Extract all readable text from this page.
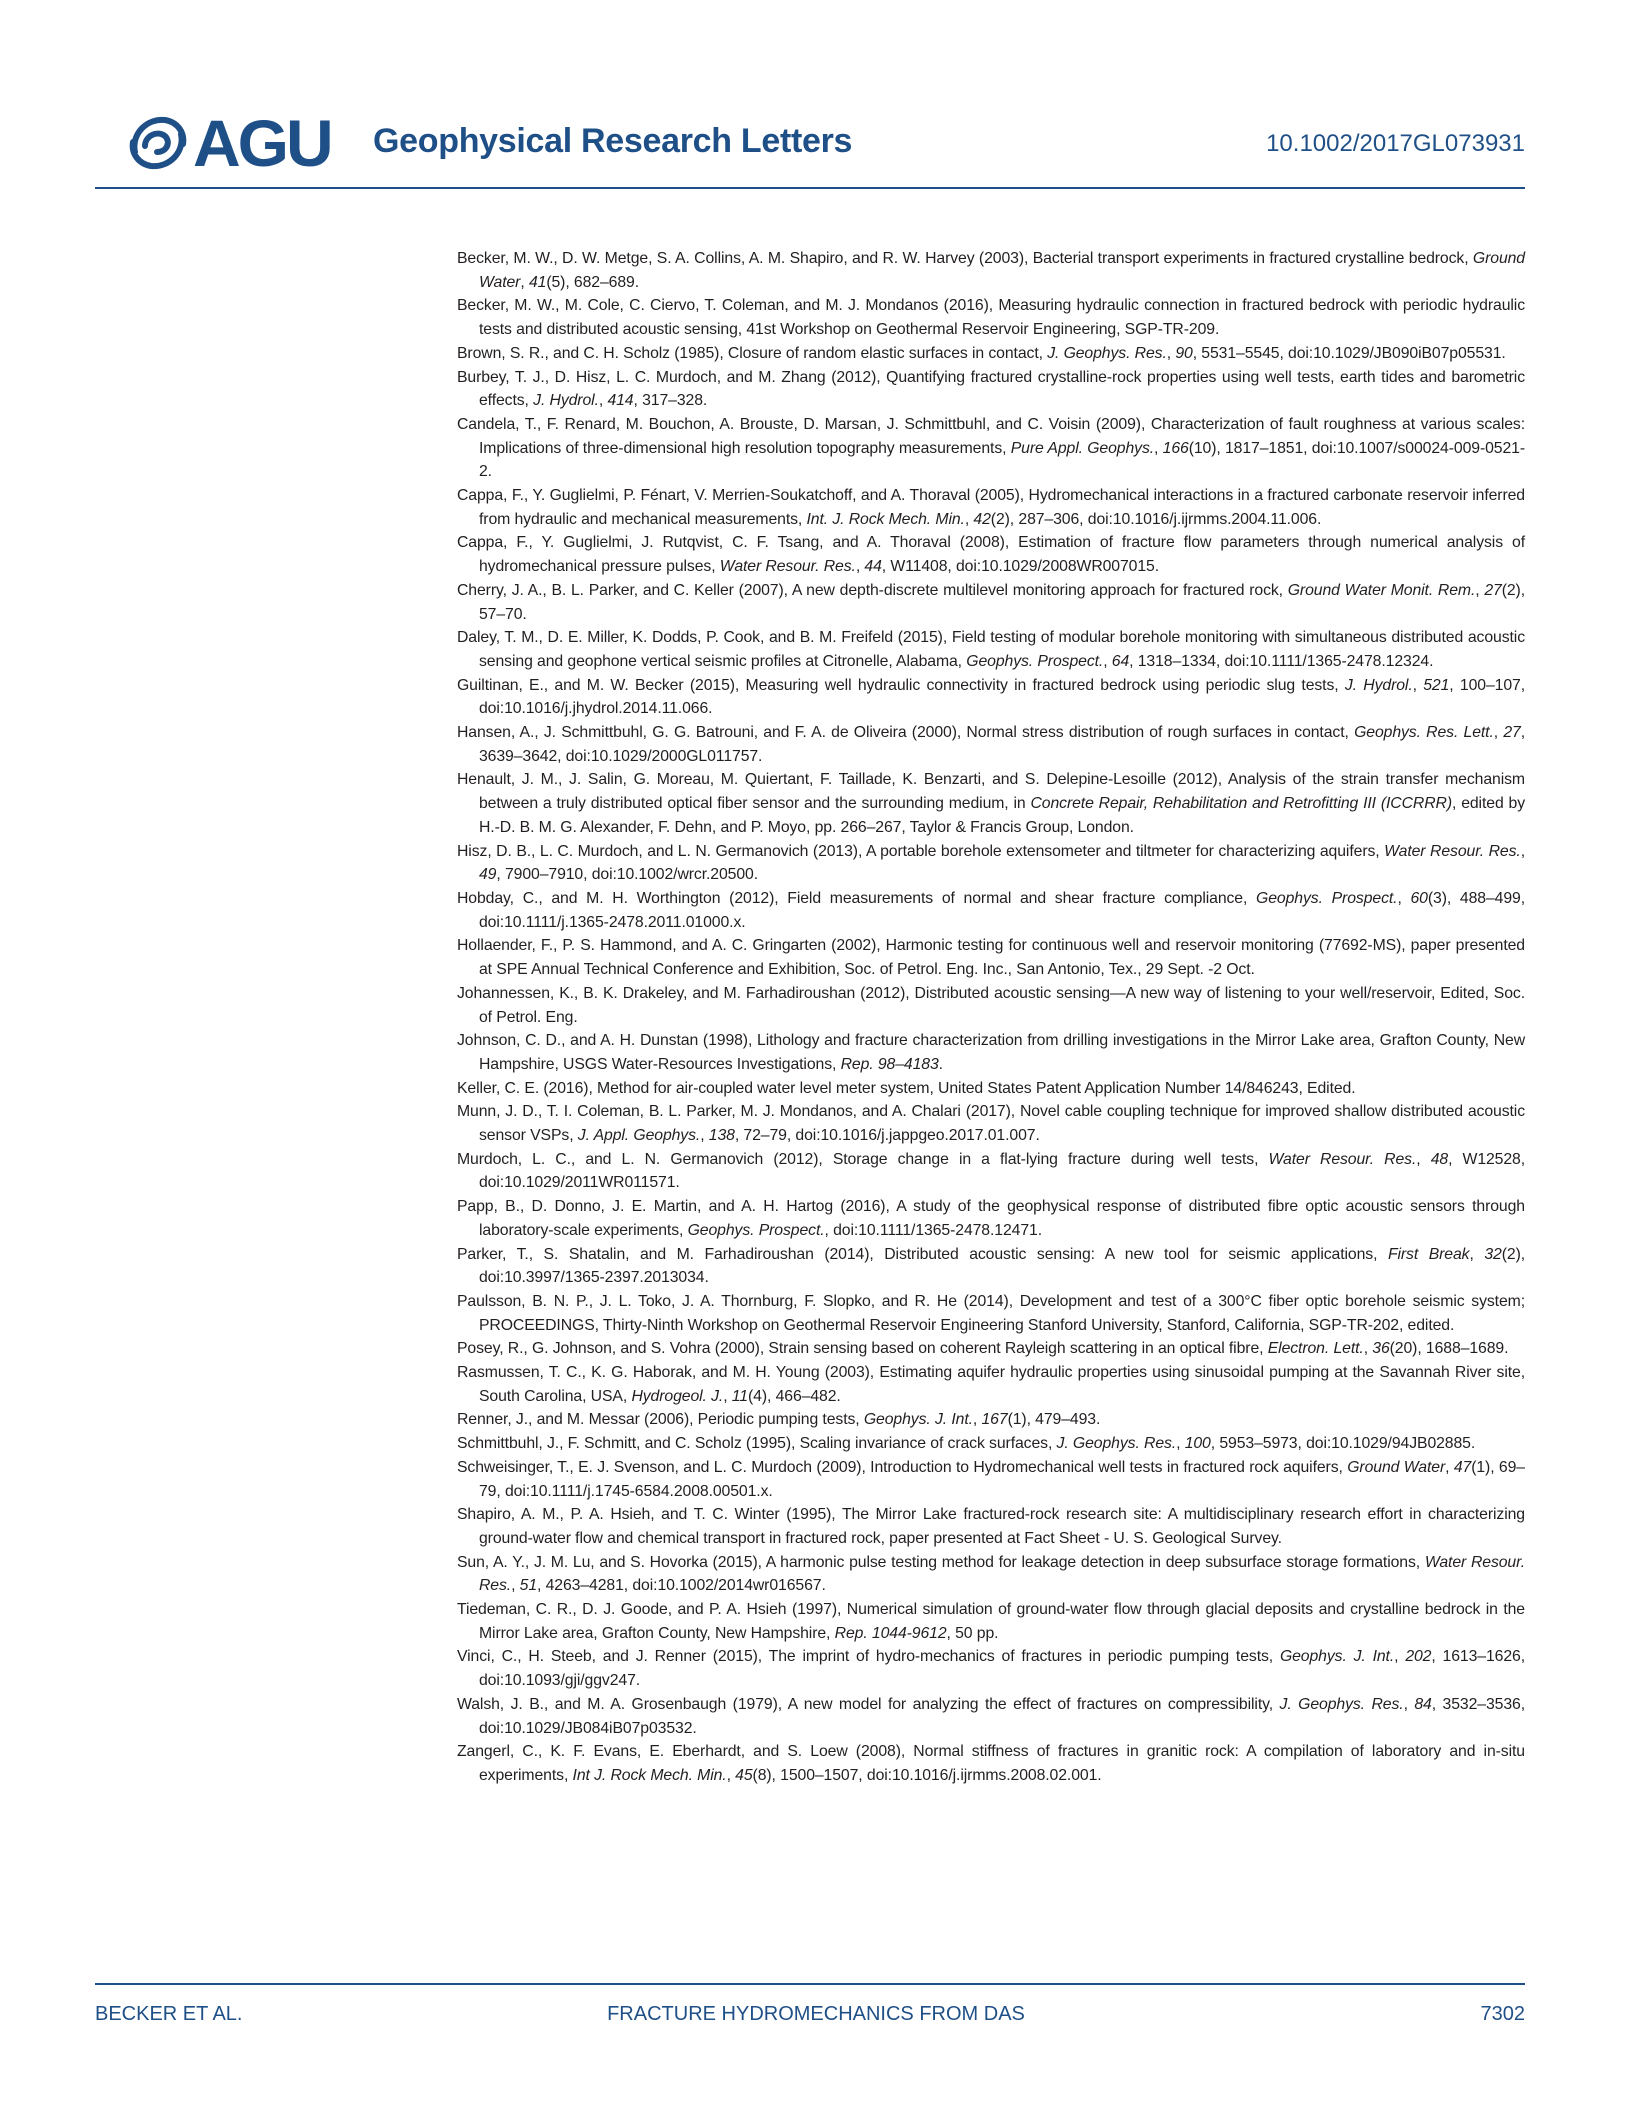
AGU Geophysical Research Letters	10.1002/2017GL073931
Becker, M. W., D. W. Metge, S. A. Collins, A. M. Shapiro, and R. W. Harvey (2003), Bacterial transport experiments in fractured crystalline bedrock, Ground Water, 41(5), 682–689.
Becker, M. W., M. Cole, C. Ciervo, T. Coleman, and M. J. Mondanos (2016), Measuring hydraulic connection in fractured bedrock with periodic hydraulic tests and distributed acoustic sensing, 41st Workshop on Geothermal Reservoir Engineering, SGP-TR-209.
Brown, S. R., and C. H. Scholz (1985), Closure of random elastic surfaces in contact, J. Geophys. Res., 90, 5531–5545, doi:10.1029/JB090iB07p05531.
Burbey, T. J., D. Hisz, L. C. Murdoch, and M. Zhang (2012), Quantifying fractured crystalline-rock properties using well tests, earth tides and barometric effects, J. Hydrol., 414, 317–328.
Candela, T., F. Renard, M. Bouchon, A. Brouste, D. Marsan, J. Schmittbuhl, and C. Voisin (2009), Characterization of fault roughness at various scales: Implications of three-dimensional high resolution topography measurements, Pure Appl. Geophys., 166(10), 1817–1851, doi:10.1007/s00024-009-0521-2.
Cappa, F., Y. Guglielmi, P. Fénart, V. Merrien-Soukatchoff, and A. Thoraval (2005), Hydromechanical interactions in a fractured carbonate reservoir inferred from hydraulic and mechanical measurements, Int. J. Rock Mech. Min., 42(2), 287–306, doi:10.1016/j.ijrmms.2004.11.006.
Cappa, F., Y. Guglielmi, J. Rutqvist, C. F. Tsang, and A. Thoraval (2008), Estimation of fracture flow parameters through numerical analysis of hydromechanical pressure pulses, Water Resour. Res., 44, W11408, doi:10.1029/2008WR007015.
Cherry, J. A., B. L. Parker, and C. Keller (2007), A new depth-discrete multilevel monitoring approach for fractured rock, Ground Water Monit. Rem., 27(2), 57–70.
Daley, T. M., D. E. Miller, K. Dodds, P. Cook, and B. M. Freifeld (2015), Field testing of modular borehole monitoring with simultaneous distributed acoustic sensing and geophone vertical seismic profiles at Citronelle, Alabama, Geophys. Prospect., 64, 1318–1334, doi:10.1111/1365-2478.12324.
Guiltinan, E., and M. W. Becker (2015), Measuring well hydraulic connectivity in fractured bedrock using periodic slug tests, J. Hydrol., 521, 100–107, doi:10.1016/j.jhydrol.2014.11.066.
Hansen, A., J. Schmittbuhl, G. G. Batrouni, and F. A. de Oliveira (2000), Normal stress distribution of rough surfaces in contact, Geophys. Res. Lett., 27, 3639–3642, doi:10.1029/2000GL011757.
Henault, J. M., J. Salin, G. Moreau, M. Quiertant, F. Taillade, K. Benzarti, and S. Delepine-Lesoille (2012), Analysis of the strain transfer mechanism between a truly distributed optical fiber sensor and the surrounding medium, in Concrete Repair, Rehabilitation and Retrofitting III (ICCRRR), edited by H.-D. B. M. G. Alexander, F. Dehn, and P. Moyo, pp. 266–267, Taylor & Francis Group, London.
Hisz, D. B., L. C. Murdoch, and L. N. Germanovich (2013), A portable borehole extensometer and tiltmeter for characterizing aquifers, Water Resour. Res., 49, 7900–7910, doi:10.1002/wrcr.20500.
Hobday, C., and M. H. Worthington (2012), Field measurements of normal and shear fracture compliance, Geophys. Prospect., 60(3), 488–499, doi:10.1111/j.1365-2478.2011.01000.x.
Hollaender, F., P. S. Hammond, and A. C. Gringarten (2002), Harmonic testing for continuous well and reservoir monitoring (77692-MS), paper presented at SPE Annual Technical Conference and Exhibition, Soc. of Petrol. Eng. Inc., San Antonio, Tex., 29 Sept. -2 Oct.
Johannessen, K., B. K. Drakeley, and M. Farhadiroushan (2012), Distributed acoustic sensing—A new way of listening to your well/reservoir, Edited, Soc. of Petrol. Eng.
Johnson, C. D., and A. H. Dunstan (1998), Lithology and fracture characterization from drilling investigations in the Mirror Lake area, Grafton County, New Hampshire, USGS Water-Resources Investigations, Rep. 98–4183.
Keller, C. E. (2016), Method for air-coupled water level meter system, United States Patent Application Number 14/846243, Edited.
Munn, J. D., T. I. Coleman, B. L. Parker, M. J. Mondanos, and A. Chalari (2017), Novel cable coupling technique for improved shallow distributed acoustic sensor VSPs, J. Appl. Geophys., 138, 72–79, doi:10.1016/j.jappgeo.2017.01.007.
Murdoch, L. C., and L. N. Germanovich (2012), Storage change in a flat-lying fracture during well tests, Water Resour. Res., 48, W12528, doi:10.1029/2011WR011571.
Papp, B., D. Donno, J. E. Martin, and A. H. Hartog (2016), A study of the geophysical response of distributed fibre optic acoustic sensors through laboratory-scale experiments, Geophys. Prospect., doi:10.1111/1365-2478.12471.
Parker, T., S. Shatalin, and M. Farhadiroushan (2014), Distributed acoustic sensing: A new tool for seismic applications, First Break, 32(2), doi:10.3997/1365-2397.2013034.
Paulsson, B. N. P., J. L. Toko, J. A. Thornburg, F. Slopko, and R. He (2014), Development and test of a 300°C fiber optic borehole seismic system; PROCEEDINGS, Thirty-Ninth Workshop on Geothermal Reservoir Engineering Stanford University, Stanford, California, SGP-TR-202, edited.
Posey, R., G. Johnson, and S. Vohra (2000), Strain sensing based on coherent Rayleigh scattering in an optical fibre, Electron. Lett., 36(20), 1688–1689.
Rasmussen, T. C., K. G. Haborak, and M. H. Young (2003), Estimating aquifer hydraulic properties using sinusoidal pumping at the Savannah River site, South Carolina, USA, Hydrogeol. J., 11(4), 466–482.
Renner, J., and M. Messar (2006), Periodic pumping tests, Geophys. J. Int., 167(1), 479–493.
Schmittbuhl, J., F. Schmitt, and C. Scholz (1995), Scaling invariance of crack surfaces, J. Geophys. Res., 100, 5953–5973, doi:10.1029/94JB02885.
Schweisinger, T., E. J. Svenson, and L. C. Murdoch (2009), Introduction to Hydromechanical well tests in fractured rock aquifers, Ground Water, 47(1), 69–79, doi:10.1111/j.1745-6584.2008.00501.x.
Shapiro, A. M., P. A. Hsieh, and T. C. Winter (1995), The Mirror Lake fractured-rock research site: A multidisciplinary research effort in characterizing ground-water flow and chemical transport in fractured rock, paper presented at Fact Sheet - U. S. Geological Survey.
Sun, A. Y., J. M. Lu, and S. Hovorka (2015), A harmonic pulse testing method for leakage detection in deep subsurface storage formations, Water Resour. Res., 51, 4263–4281, doi:10.1002/2014wr016567.
Tiedeman, C. R., D. J. Goode, and P. A. Hsieh (1997), Numerical simulation of ground-water flow through glacial deposits and crystalline bedrock in the Mirror Lake area, Grafton County, New Hampshire, Rep. 1044-9612, 50 pp.
Vinci, C., H. Steeb, and J. Renner (2015), The imprint of hydro-mechanics of fractures in periodic pumping tests, Geophys. J. Int., 202, 1613–1626, doi:10.1093/gji/ggv247.
Walsh, J. B., and M. A. Grosenbaugh (1979), A new model for analyzing the effect of fractures on compressibility, J. Geophys. Res., 84, 3532–3536, doi:10.1029/JB084iB07p03532.
Zangerl, C., K. F. Evans, E. Eberhardt, and S. Loew (2008), Normal stiffness of fractures in granitic rock: A compilation of laboratory and in-situ experiments, Int J. Rock Mech. Min., 45(8), 1500–1507, doi:10.1016/j.ijrmms.2008.02.001.
BECKER ET AL.	FRACTURE HYDROMECHANICS FROM DAS	7302
